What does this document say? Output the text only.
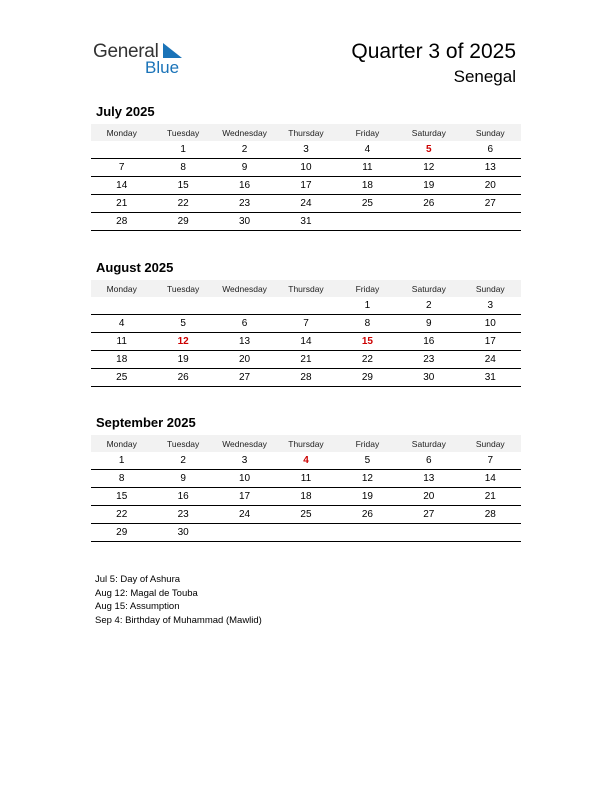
General
Blue
Quarter 3 of 2025
Senegal
July 2025
Monday	Tuesday	Wednesday	Thursday	Friday	Saturday	Sunday
	1	2	3	4	5	6
7	8	9	10	11	12	13
14	15	16	17	18	19	20
21	22	23	24	25	26	27
28	29	30	31			
August 2025
Monday	Tuesday	Wednesday	Thursday	Friday	Saturday	Sunday
				1	2	3
4	5	6	7	8	9	10
11	12	13	14	15	16	17
18	19	20	21	22	23	24
25	26	27	28	29	30	31
September 2025
Monday	Tuesday	Wednesday	Thursday	Friday	Saturday	Sunday
1	2	3	4	5	6	7
8	9	10	11	12	13	14
15	16	17	18	19	20	21
22	23	24	25	26	27	28
29	30					
Jul 5: Day of Ashura
Aug 12: Magal de Touba
Aug 15: Assumption
Sep 4: Birthday of Muhammad (Mawlid)
